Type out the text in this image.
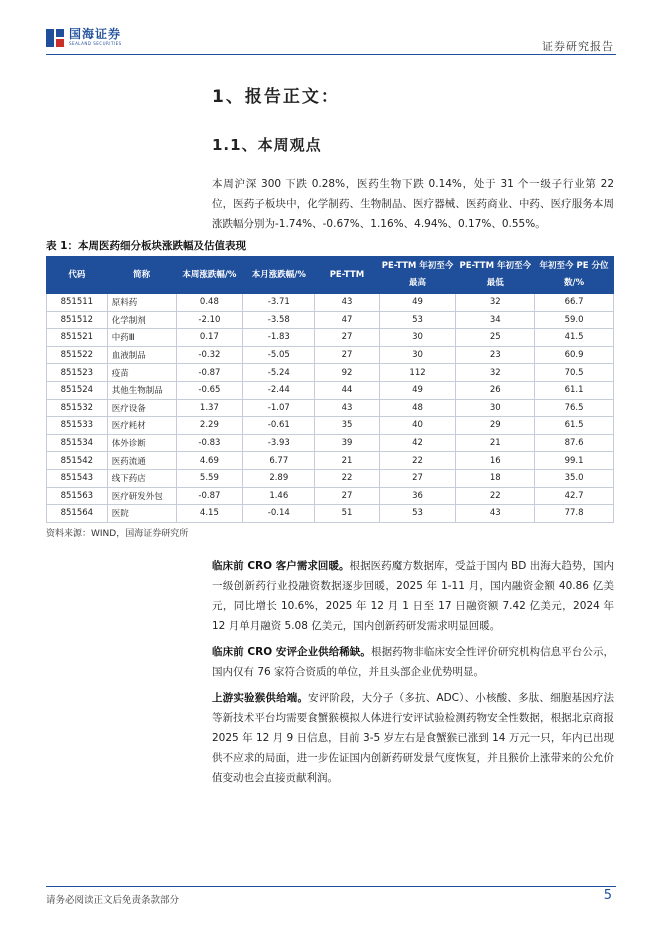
国海证券
SEALAND SECURITIES	证券研究报告
1、报告正文：
1.1、本周观点
本周沪深 300 下跌 0.28%，医药生物下跌 0.14%，处于 31 个一级子行业第 22 位，医药子板块中，化学制药、生物制品、医疗器械、医药商业、中药、医疗服务本周涨跌幅分别为-1.74%、-0.67%、1.16%、4.94%、0.17%、0.55%。
表 1：本周医药细分板块涨跌幅及估值表现
代码	简称	本周涨跌幅/%	本月涨跌幅/%	PE-TTM	PE-TTM 年初至今最高	PE-TTM 年初至今最低	年初至今 PE 分位数/%
851511	原料药	0.48	-3.71	43	49	32	66.7
851512	化学制剂	-2.10	-3.58	47	53	34	59.0
851521	中药Ⅲ	0.17	-1.83	27	30	25	41.5
851522	血液制品	-0.32	-5.05	27	30	23	60.9
851523	疫苗	-0.87	-5.24	92	112	32	70.5
851524	其他生物制品	-0.65	-2.44	44	49	26	61.1
851532	医疗设备	1.37	-1.07	43	48	30	76.5
851533	医疗耗材	2.29	-0.61	35	40	29	61.5
851534	体外诊断	-0.83	-3.93	39	42	21	87.6
851542	医药流通	4.69	6.77	21	22	16	99.1
851543	线下药店	5.59	2.89	22	27	18	35.0
851563	医疗研发外包	-0.87	1.46	27	36	22	42.7
851564	医院	4.15	-0.14	51	53	43	77.8
资料来源：WIND，国海证券研究所
临床前 CRO 客户需求回暖。根据医药魔方数据库，受益于国内 BD 出海大趋势，国内一级创新药行业投融资数据逐步回暖，2025 年 1-11 月，国内融资金额 40.86 亿美元，同比增长 10.6%，2025 年 12 月 1 日至 17 日融资额 7.42 亿美元，2024 年 12 月单月融资 5.08 亿美元，国内创新药研发需求明显回暖。
临床前 CRO 安评企业供给稀缺。根据药物非临床安全性评价研究机构信息平台公示，国内仅有 76 家符合资质的单位，并且头部企业优势明显。
上游实验猴供给端。安评阶段，大分子（多抗、ADC）、小核酸、多肽、细胞基因疗法等新技术平台均需要食蟹猴模拟人体进行安评试验检测药物安全性数据，根据北京商报 2025 年 12 月 9 日信息，目前 3-5 岁左右是食蟹猴已涨到 14 万元一只，年内已出现供不应求的局面，进一步佐证国内创新药研发景气度恢复，并且猴价上涨带来的公允价值变动也会直接贡献利润。
请务必阅读正文后免责条款部分	5
